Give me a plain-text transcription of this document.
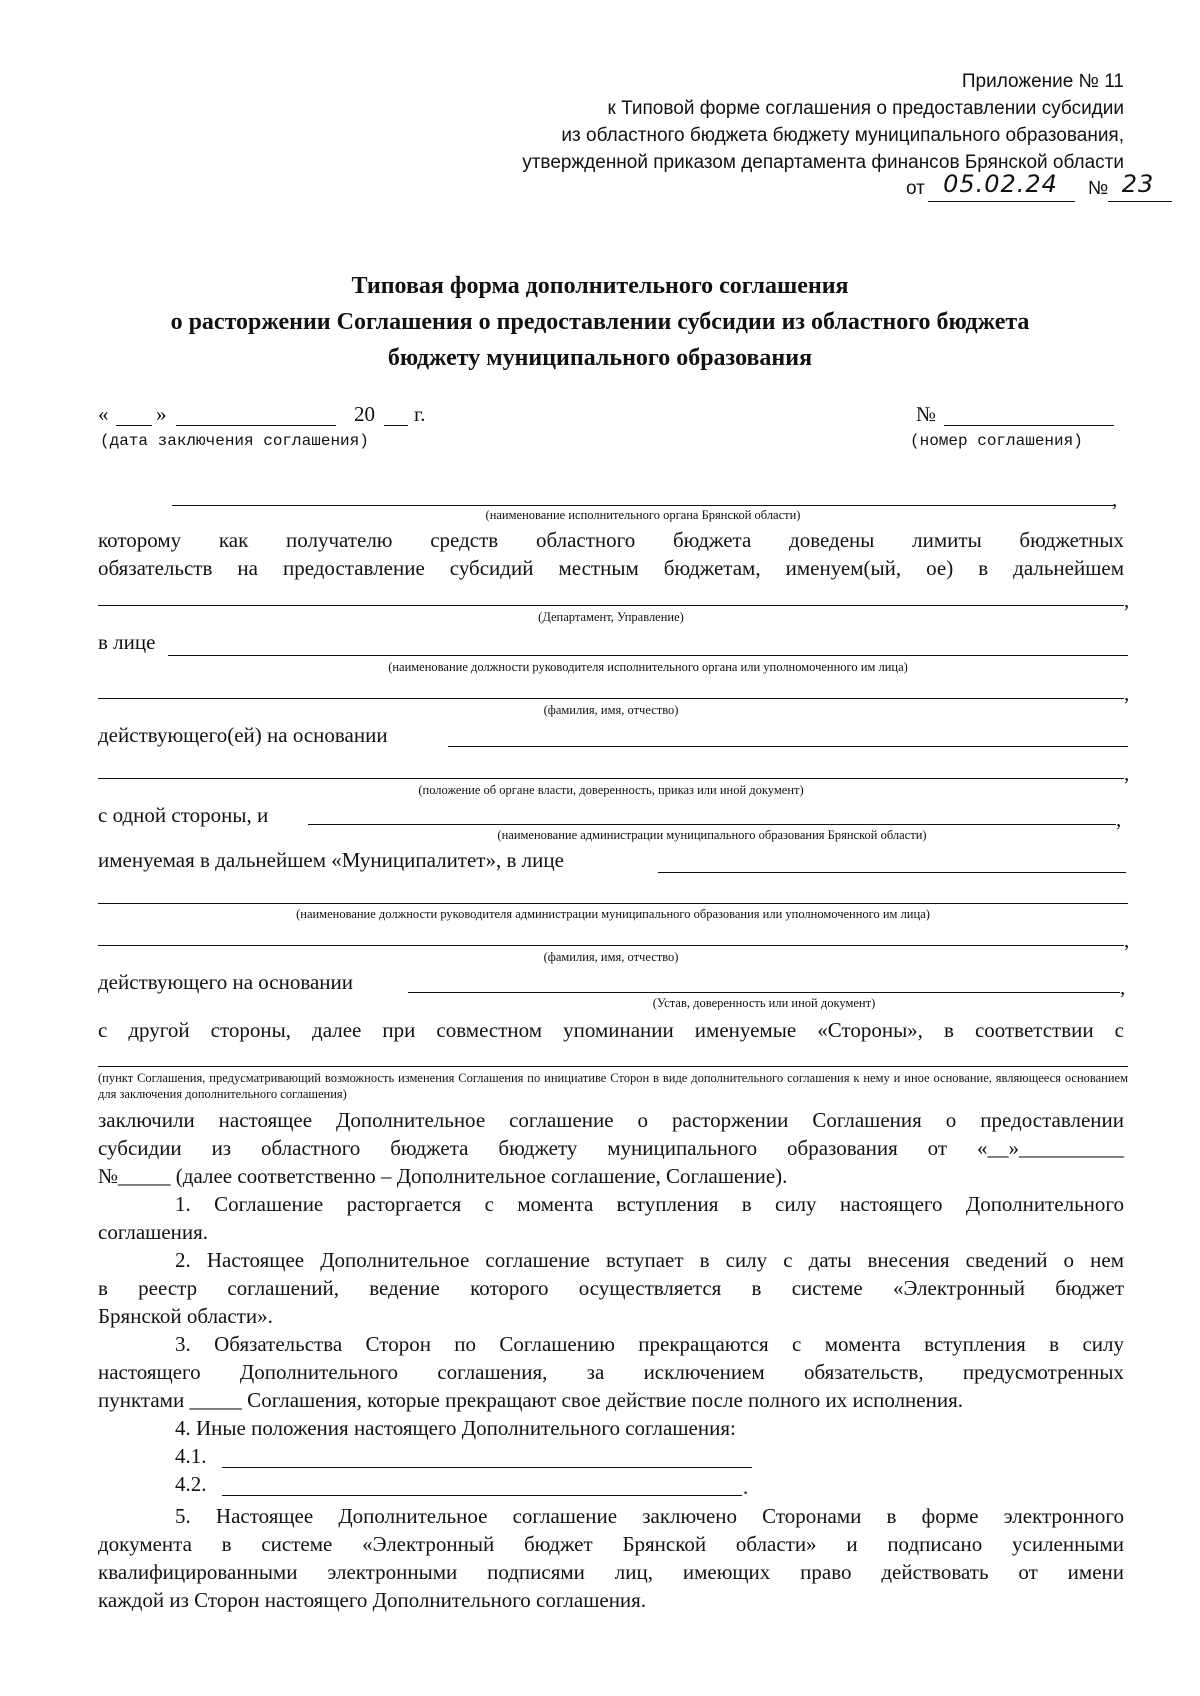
Приложение № 11
к Типовой форме соглашения о предоставлении субсидии
из областного бюджета бюджету муниципального образования,
утвержденной приказом департамента финансов Брянской области
от 05.02.24	№ 23
Типовая форма дополнительного соглашения
о расторжении Соглашения о предоставлении субсидии из областного бюджета
бюджету муниципального образования
« »	20 г.
(дата заключения соглашения)
№
(номер соглашения)
,
(наименование исполнительного органа Брянской области)
которому как получателю средств областного бюджета доведены лимиты бюджетных
обязательств на предоставление субсидий местным бюджетам, именуем(ый, ое) в дальнейшем
,
(Департамент, Управление)
в лице
(наименование должности руководителя исполнительного органа или уполномоченного им лица)
,
(фамилия, имя, отчество)
действующего(ей) на основании
,
(положение об органе власти, доверенность, приказ или иной документ)
с одной стороны, и	,
(наименование администрации муниципального образования Брянской области)
именуемая в дальнейшем «Муниципалитет», в лице
(наименование должности руководителя администрации муниципального образования или уполномоченного им лица)
,
(фамилия, имя, отчество)
действующего на основании	,
(Устав, доверенность или иной документ)
с другой стороны, далее при совместном упоминании именуемые «Стороны», в соответствии с
(пункт Соглашения, предусматривающий возможность изменения Соглашения по инициативе Сторон в виде дополнительного соглашения к нему и иное основание, являющееся основанием для заключения дополнительного соглашения)
заключили настоящее Дополнительное соглашение о расторжении Соглашения о предоставлении
субсидии из областного бюджета бюджету муниципального образования от «__»__________
№_____ (далее соответственно – Дополнительное соглашение, Соглашение).
1. Соглашение расторгается с момента вступления в силу настоящего Дополнительного
соглашения.
2. Настоящее Дополнительное соглашение вступает в силу с даты внесения сведений о нем
в реестр соглашений, ведение которого осуществляется в системе «Электронный бюджет
Брянской области».
3. Обязательства Сторон по Соглашению прекращаются с момента вступления в силу
настоящего Дополнительного соглашения, за исключением обязательств, предусмотренных
пунктами _____ Соглашения, которые прекращают свое действие после полного их исполнения.
4. Иные положения настоящего Дополнительного соглашения:
4.1.
4.2.	.
5. Настоящее Дополнительное соглашение заключено Сторонами в форме электронного
документа в системе «Электронный бюджет Брянской области» и подписано усиленными
квалифицированными электронными подписями лиц, имеющих право действовать от имени
каждой из Сторон настоящего Дополнительного соглашения.
